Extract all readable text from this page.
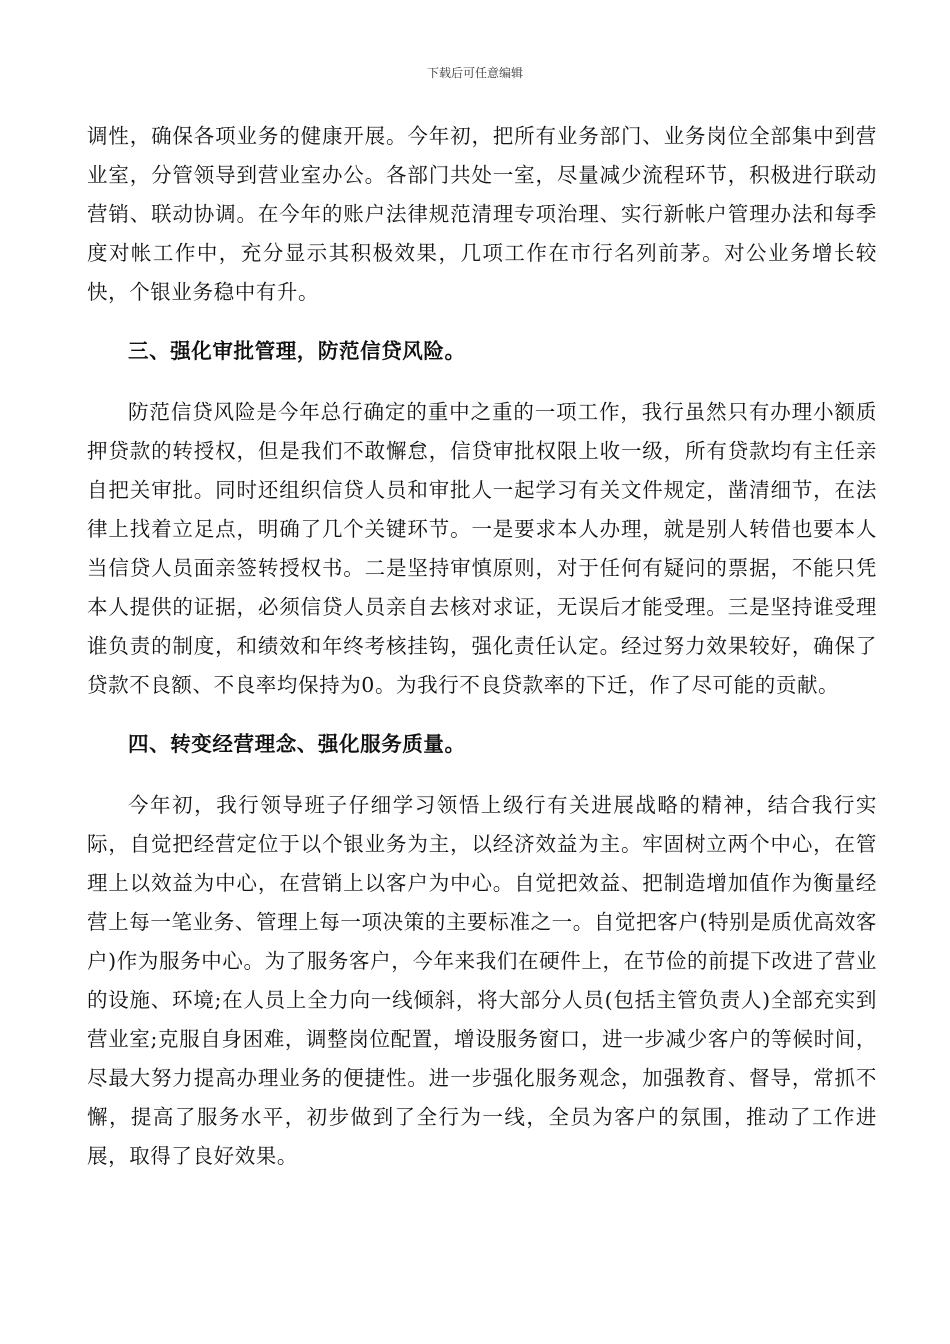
下载后可任意编辑

调性，确保各项业务的健康开展。今年初，把所有业务部门、业务岗位全部集中到营业室，分管领导到营业室办公。各部门共处一室，尽量减少流程环节，积极进行联动营销、联动协调。在今年的账户法律规范清理专项治理、实行新帐户管理办法和每季度对帐工作中，充分显示其积极效果，几项工作在市行名列前茅。对公业务增长较快，个银业务稳中有升。

三、强化审批管理，防范信贷风险。

防范信贷风险是今年总行确定的重中之重的一项工作，我行虽然只有办理小额质押贷款的转授权，但是我们不敢懈怠，信贷审批权限上收一级，所有贷款均有主任亲自把关审批。同时还组织信贷人员和审批人一起学习有关文件规定，凿清细节，在法律上找着立足点，明确了几个关键环节。一是要求本人办理，就是别人转借也要本人当信贷人员面亲签转授权书。二是坚持审慎原则，对于任何有疑问的票据，不能只凭本人提供的证据，必须信贷人员亲自去核对求证，无误后才能受理。三是坚持谁受理谁负责的制度，和绩效和年终考核挂钩，强化责任认定。经过努力效果较好，确保了贷款不良额、不良率均保持为0。为我行不良贷款率的下迁，作了尽可能的贡献。

四、转变经营理念、强化服务质量。

今年初，我行领导班子仔细学习领悟上级行有关进展战略的精神，结合我行实际，自觉把经营定位于以个银业务为主，以经济效益为主。牢固树立两个中心，在管理上以效益为中心，在营销上以客户为中心。自觉把效益、把制造增加值作为衡量经营上每一笔业务、管理上每一项决策的主要标准之一。自觉把客户(特别是质优高效客户)作为服务中心。为了服务客户，今年来我们在硬件上，在节俭的前提下改进了营业的设施、环境;在人员上全力向一线倾斜，将大部分人员(包括主管负责人)全部充实到营业室;克服自身困难，调整岗位配置，增设服务窗口，进一步减少客户的等候时间，尽最大努力提高办理业务的便捷性。进一步强化服务观念，加强教育、督导，常抓不懈，提高了服务水平，初步做到了全行为一线，全员为客户的氛围，推动了工作进展，取得了良好效果。
